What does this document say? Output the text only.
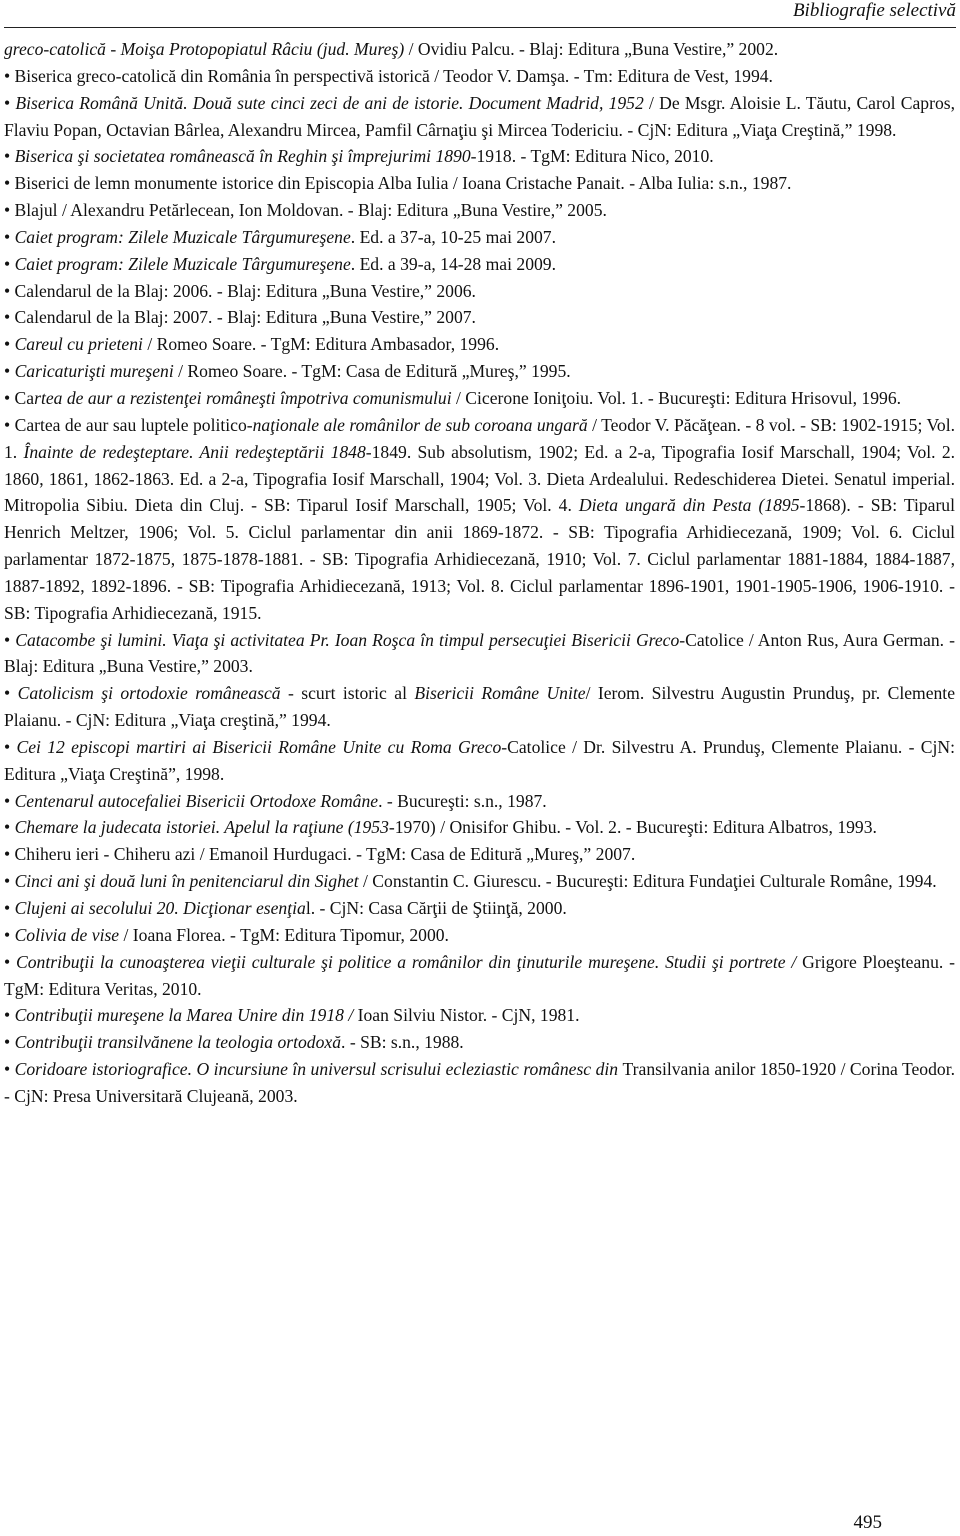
Bibliografie selectivă

greco-catolică - Moişa Protopopiatul Râciu (jud. Mureş) / Ovidiu Palcu. - Blaj: Editura „Buna Vestire,” 2002.

• Biserica greco-catolică din România în perspectivă istorică / Teodor V. Damşa. - Tm: Editura de Vest, 1994.

• Biserica Română Unită. Două sute cinci zeci de ani de istorie. Document Madrid, 1952 / De Msgr. Aloisie L. Tăutu, Carol Capros, Flaviu Popan, Octavian Bârlea, Alexandru Mircea, Pamfil Cârnaţiu şi Mircea Todericiu. - CjN: Editura „Viaţa Creştină,” 1998.

• Biserica şi societatea românească în Reghin şi împrejurimi 1890-1918. - TgM: Editura Nico, 2010.

• Biserici de lemn monumente istorice din Episcopia Alba Iulia / Ioana Cristache Panait. - Alba Iulia: s.n., 1987.

• Blajul / Alexandru Petărlecean, Ion Moldovan. - Blaj: Editura „Buna Vestire,” 2005.

• Caiet program: Zilele Muzicale Târgumureşene. Ed. a 37-a, 10-25 mai 2007.

• Caiet program: Zilele Muzicale Târgumureşene. Ed. a 39-a, 14-28 mai 2009.

• Calendarul de la Blaj: 2006. - Blaj: Editura „Buna Vestire,” 2006.

• Calendarul de la Blaj: 2007. - Blaj: Editura „Buna Vestire,” 2007.

• Careul cu prieteni / Romeo Soare. - TgM: Editura Ambasador, 1996.

• Caricaturişti mureşeni / Romeo Soare. - TgM: Casa de Editură „Mureş,” 1995.

• Cartea de aur a rezistenţei româneşti împotriva comunismului / Cicerone Ioniţoiu. Vol. 1. - Bucureşti: Editura Hrisovul, 1996.

• Cartea de aur sau luptele politico-naţionale ale românilor de sub coroana ungară / Teodor V. Păcăţean. - 8 vol. - SB: 1902-1915; Vol. 1. Înainte de redeşteptare. Anii redeşteptării 1848-1849. Sub absolutism, 1902; Ed. a 2-a, Tipografia Iosif Marschall, 1904; Vol. 2. 1860, 1861, 1862-1863. Ed. a 2-a, Tipografia Iosif Marschall, 1904; Vol. 3. Dieta Ardealului. Redeschiderea Dietei. Senatul imperial. Mitropolia Sibiu. Dieta din Cluj. - SB: Tiparul Iosif Marschall, 1905; Vol. 4. Dieta ungară din Pesta (1895-1868). - SB: Tiparul Henrich Meltzer, 1906; Vol. 5. Ciclul parlamentar din anii 1869-1872. - SB: Tipografia Arhidiecezană, 1909; Vol. 6. Ciclul parlamentar 1872-1875, 1875-1878-1881. - SB: Tipografia Arhidiecezană, 1910; Vol. 7. Ciclul parlamentar 1881-1884, 1884-1887, 1887-1892, 1892-1896. - SB: Tipografia Arhidiecezană, 1913; Vol. 8. Ciclul parlamentar 1896-1901, 1901-1905-1906, 1906-1910. - SB: Tipografia Arhidiecezană, 1915.

• Catacombe şi lumini. Viaţa şi activitatea Pr. Ioan Roşca în timpul persecuţiei Bisericii Greco-Catolice / Anton Rus, Aura German. - Blaj: Editura „Buna Vestire,” 2003.

• Catolicism şi ortodoxie românească - scurt istoric al Bisericii Române Unite/ Ierom. Silvestru Augustin Prunduş, pr. Clemente Plaianu. - CjN: Editura „Viaţa creştină,” 1994.

• Cei 12 episcopi martiri ai Bisericii Române Unite cu Roma Greco-Catolice / Dr. Silvestru A. Prunduş, Clemente Plaianu. - CjN: Editura „Viaţa Creştină”, 1998.

• Centenarul autocefaliei Bisericii Ortodoxe Române. - Bucureşti: s.n., 1987.

• Chemare la judecata istoriei. Apelul la raţiune (1953-1970) / Onisifor Ghibu. - Vol. 2. - Bucureşti: Editura Albatros, 1993.

• Chiheru ieri - Chiheru azi / Emanoil Hurdugaci. - TgM: Casa de Editură „Mureş,” 2007.

• Cinci ani şi două luni în penitenciarul din Sighet / Constantin C. Giurescu. - Bucureşti: Editura Fundaţiei Culturale Române, 1994.

• Clujeni ai secolului 20. Dicţionar esenţial. - CjN: Casa Cărţii de Ştiinţă, 2000.

• Colivia de vise / Ioana Florea. - TgM: Editura Tipomur, 2000.

• Contribuţii la cunoaşterea vieţii culturale şi politice a românilor din ţinuturile mureşene. Studii şi portrete / Grigore Ploeşteanu. - TgM: Editura Veritas, 2010.

• Contribuţii mureşene la Marea Unire din 1918 / Ioan Silviu Nistor. - CjN, 1981.

• Contribuţii transilvănene la teologia ortodoxă. - SB: s.n., 1988.

• Coridoare istoriografice. O incursiune în universul scrisului ecleziastic românesc din Transilvania anilor 1850-1920 / Corina Teodor. - CjN: Presa Universitară Clujeană, 2003.

495
